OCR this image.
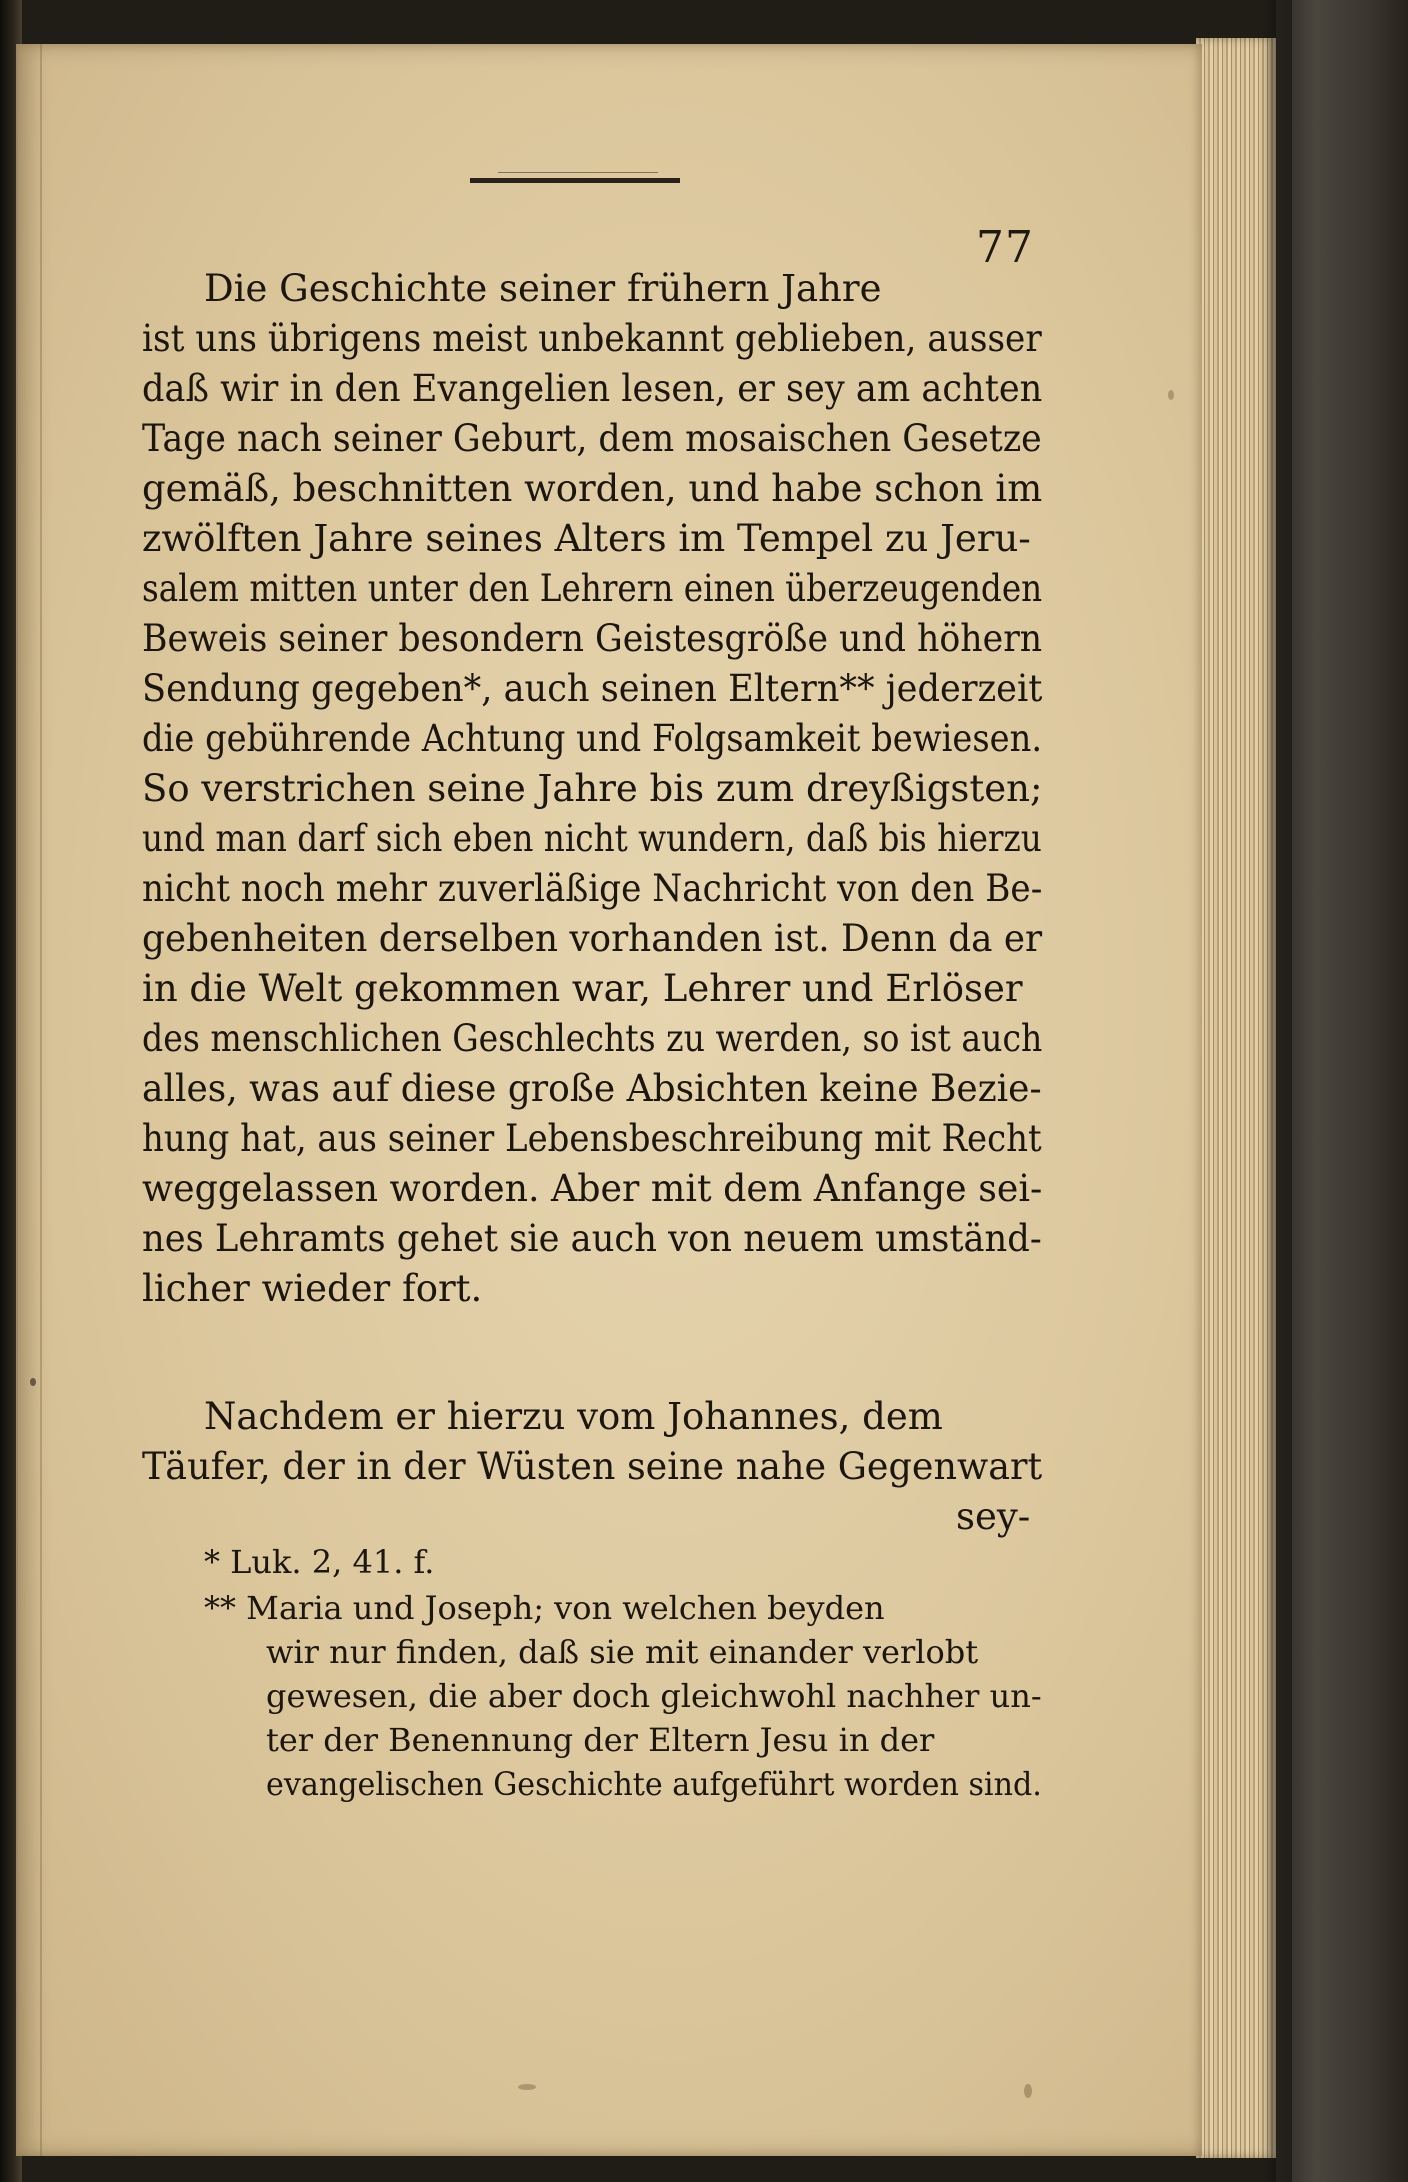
77
Die Geschichte seiner frühern Jahre
ist uns übrigens meist unbekannt geblieben, ausser
daß wir in den Evangelien lesen, er sey am achten
Tage nach seiner Geburt, dem mosaischen Gesetze
gemäß, beschnitten worden, und habe schon im
zwölften Jahre seines Alters im Tempel zu Jeru-
salem mitten unter den Lehrern einen überzeugenden
Beweis seiner besondern Geistesgröße und höhern
Sendung gegeben*, auch seinen Eltern** jederzeit
die gebührende Achtung und Folgsamkeit bewiesen.
So verstrichen seine Jahre bis zum dreyßigsten;
und man darf sich eben nicht wundern, daß bis hierzu
nicht noch mehr zuverläßige Nachricht von den Be-
gebenheiten derselben vorhanden ist. Denn da er
in die Welt gekommen war, Lehrer und Erlöser
des menschlichen Geschlechts zu werden, so ist auch
alles, was auf diese große Absichten keine Bezie-
hung hat, aus seiner Lebensbeschreibung mit Recht
weggelassen worden. Aber mit dem Anfange sei-
nes Lehramts gehet sie auch von neuem umständ-
licher wieder fort.
Nachdem er hierzu vom Johannes, dem
Täufer, der in der Wüsten seine nahe Gegenwart
sey-
* Luk. 2, 41. f.
** Maria und Joseph; von welchen beyden
wir nur finden, daß sie mit einander verlobt
gewesen, die aber doch gleichwohl nachher un-
ter der Benennung der Eltern Jesu in der
evangelischen Geschichte aufgeführt worden sind.
